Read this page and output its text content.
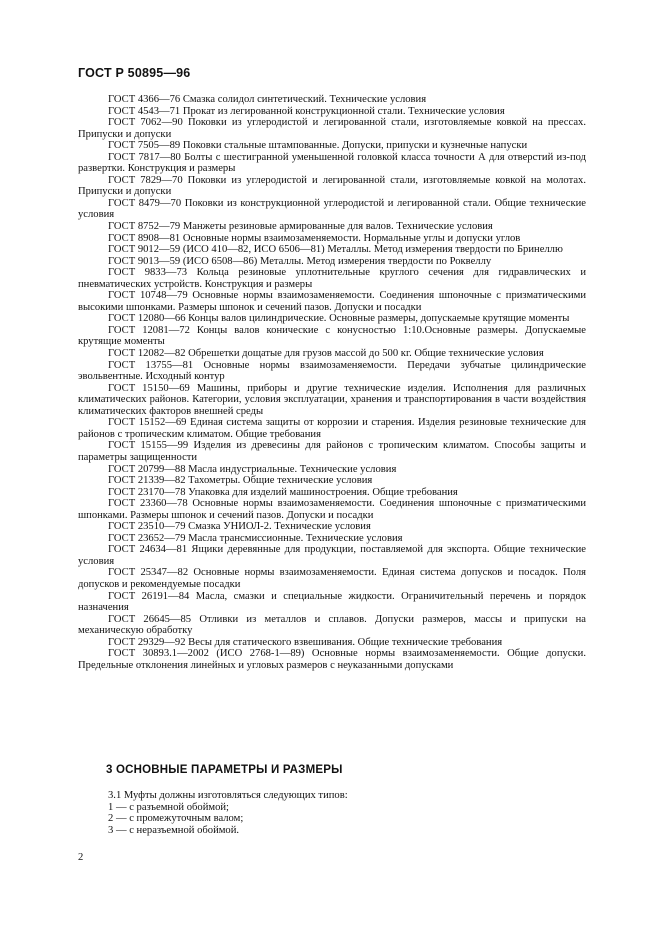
ГОСТ Р 50895—96

ГОСТ 4366—76 Смазка солидол синтетический. Технические условия

ГОСТ 4543—71 Прокат из легированной конструкционной стали. Технические условия

ГОСТ 7062—90 Поковки из углеродистой и легированной стали, изготовляемые ковкой на прессах. Припуски и допуски

ГОСТ 7505—89 Поковки стальные штампованные. Допуски, припуски и кузнечные напуски

ГОСТ 7817—80 Болты с шестигранной уменьшенной головкой класса точности А для отверстий из-под развертки. Конструкция и размеры

ГОСТ 7829—70 Поковки из углеродистой и легированной стали, изготовляемые ковкой на молотах. Припуски и допуски

ГОСТ 8479—70 Поковки из конструкционной углеродистой и легированной стали. Общие технические условия

ГОСТ 8752—79 Манжеты резиновые армированные для валов. Технические условия

ГОСТ 8908—81 Основные нормы взаимозаменяемости. Нормальные углы и допуски углов

ГОСТ 9012—59 (ИСО 410—82, ИСО 6506—81) Металлы. Метод измерения твердости по Бринеллю

ГОСТ 9013—59 (ИСО 6508—86) Металлы. Метод измерения твердости по Роквеллу

ГОСТ 9833—73 Кольца резиновые уплотнительные круглого сечения для гидравлических и пневматических устройств. Конструкция и размеры

ГОСТ 10748—79 Основные нормы взаимозаменяемости. Соединения шпоночные с призматическими высокими шпонками. Размеры шпонок и сечений пазов. Допуски и посадки

ГОСТ 12080—66 Концы валов цилиндрические. Основные размеры, допускаемые крутящие моменты

ГОСТ 12081—72 Концы валов конические с конусностью 1:10.Основные размеры. Допускаемые крутящие моменты

ГОСТ 12082—82 Обрешетки дощатые для грузов массой до 500 кг. Общие технические условия

ГОСТ 13755—81 Основные нормы взаимозаменяемости. Передачи зубчатые цилиндрические эвольвентные. Исходный контур

ГОСТ 15150—69 Машины, приборы и другие технические изделия. Исполнения для различных климатических районов. Категории, условия эксплуатации, хранения и транспортирования в части воздействия климатических факторов внешней среды

ГОСТ 15152—69 Единая система защиты от коррозии и старения. Изделия резиновые технические для районов с тропическим климатом. Общие требования

ГОСТ 15155—99 Изделия из древесины для районов с тропическим климатом. Способы защиты и параметры защищенности

ГОСТ 20799—88 Масла индустриальные. Технические условия

ГОСТ 21339—82 Тахометры. Общие технические условия

ГОСТ 23170—78 Упаковка для изделий машиностроения. Общие требования

ГОСТ 23360—78 Основные нормы взаимозаменяемости. Соединения шпоночные с призматическими шпонками. Размеры шпонок и сечений пазов. Допуски и посадки

ГОСТ 23510—79 Смазка УНИОЛ-2. Технические условия

ГОСТ 23652—79 Масла трансмиссионные. Технические условия

ГОСТ 24634—81 Ящики деревянные для продукции, поставляемой для экспорта. Общие технические условия

ГОСТ 25347—82 Основные нормы взаимозаменяемости. Единая система допусков и посадок. Поля допусков и рекомендуемые посадки

ГОСТ 26191—84 Масла, смазки и специальные жидкости. Ограничительный перечень и порядок назначения

ГОСТ 26645—85 Отливки из металлов и сплавов. Допуски размеров, массы и припуски на механическую обработку

ГОСТ 29329—92 Весы для статического взвешивания. Общие технические требования

ГОСТ 30893.1—2002 (ИСО 2768-1—89) Основные нормы взаимозаменяемости. Общие допуски. Предельные отклонения линейных и угловых размеров с неуказанными допусками

3 ОСНОВНЫЕ ПАРАМЕТРЫ И РАЗМЕРЫ

3.1 Муфты должны изготовляться следующих типов:

1 — с разъемной обоймой;

2 — с промежуточным валом;

3 — с неразъемной обоймой.

2
